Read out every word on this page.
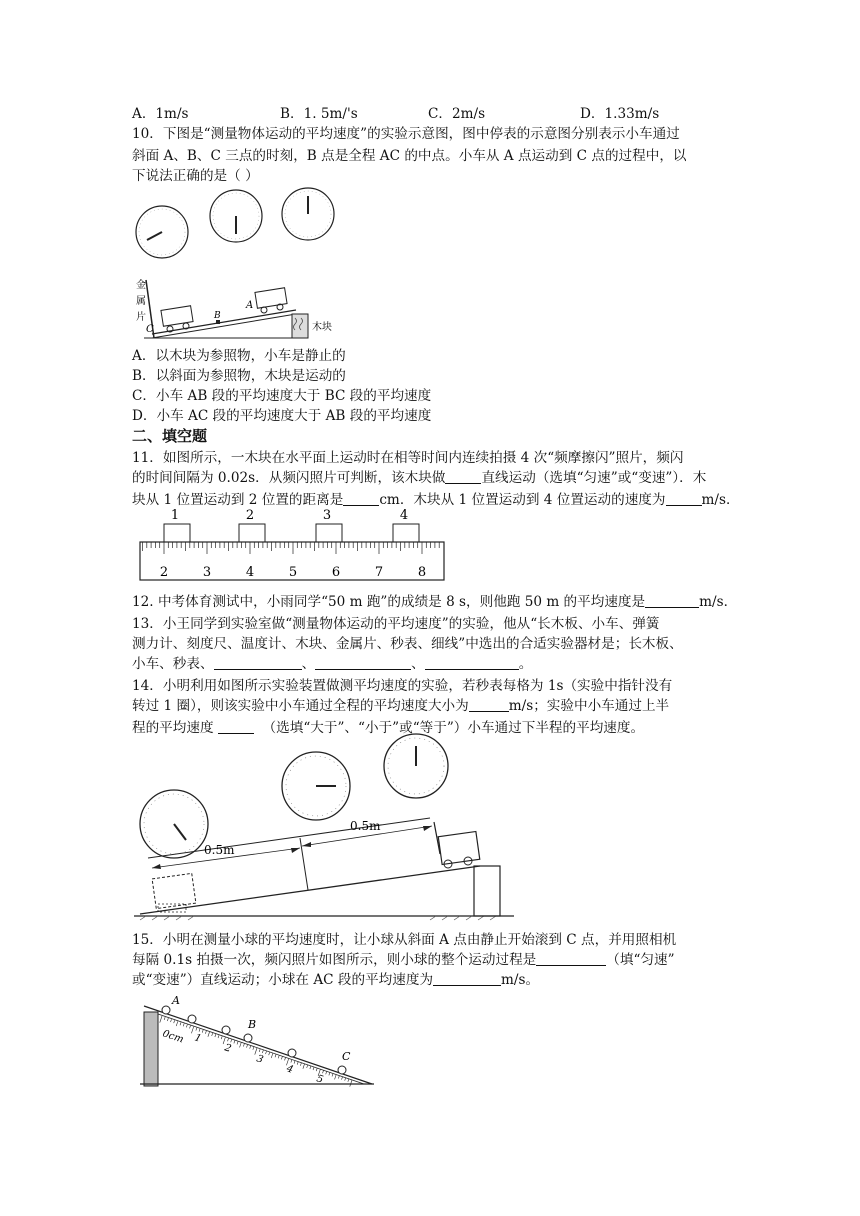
A．1m/s	B．1. 5m/'s	C．2m/s	D．1.33m/s
10．下图是“测量物体运动的平均速度”的实验示意图，图中停表的示意图分别表示小车通过
斜面 A、B、C 三点的时刻，B 点是全程 AC 的中点。小车从 A 点运动到 C 点的过程中，以
下说法正确的是（ ）
金
属
片
C
B
A
木块
A．以木块为参照物，小车是静止的
B．以斜面为参照物，木块是运动的
C．小车 AB 段的平均速度大于 BC 段的平均速度
D．小车 AC 段的平均速度大于 AB 段的平均速度
二、填空题
11．如图所示，一木块在水平面上运动时在相等时间内连续拍摄 4 次“频摩擦闪”照片，频闪
的时间间隔为 0.02s．从频闪照片可判断，该木块做	直线运动（选填“匀速”或“变速”）．木
块从 1 位置运动到 2 位置的距离是	cm．木块从 1 位置运动到 4 位置运动的速度为	m/s．
1	2	3	4
2	3	4	5	6	7	8
12. 中考体育测试中，小雨同学“50 m 跑”的成绩是 8 s，则他跑 50 m 的平均速度是	m/s．
13．小王同学到实验室做“测量物体运动的平均速度”的实验，他从“长木板、小车、弹簧
测力计、刻度尺、温度计、木块、金属片、秒表、细线”中选出的合适实验器材是；长木板、
小车、秒表、	、	、	。
14．小明利用如图所示实验装置做测平均速度的实验，若秒表每格为 1s（实验中指针没有
转过 1 圈），则该实验中小车通过全程的平均速度大小为	m/s；实验中小车通过上半
程的平均速度	（选填“大于”、“小于”或“等于”）小车通过下半程的平均速度。
0.5m
0.5m
15．小明在测量小球的平均速度时，让小球从斜面 A 点由静止开始滚到 C 点，并用照相机
每隔 0.1s 拍摄一次，频闪照片如图所示，则小球的整个运动过程是	（填“匀速”
或“变速”）直线运动；小球在 AC 段的平均速度为	m/s。
A
B
C
0cm 1
2
3
4
5
